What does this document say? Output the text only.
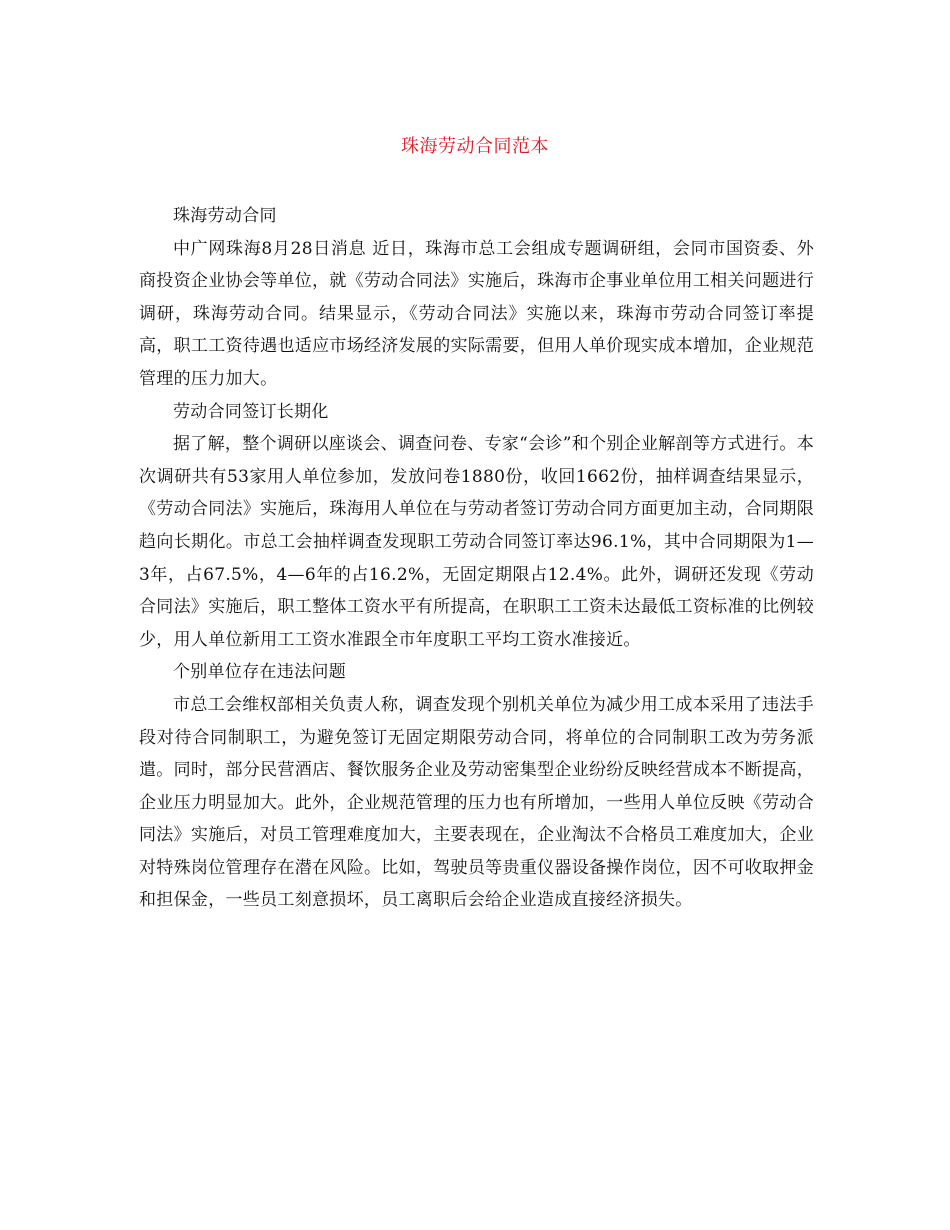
珠海劳动合同范本

珠海劳动合同

中广网珠海8月28日消息 近日，珠海市总工会组成专题调研组，会同市国资委、外商投资企业协会等单位，就《劳动合同法》实施后，珠海市企事业单位用工相关问题进行调研，珠海劳动合同。结果显示，《劳动合同法》实施以来，珠海市劳动合同签订率提高，职工工资待遇也适应市场经济发展的实际需要，但用人单价现实成本增加，企业规范管理的压力加大。

劳动合同签订长期化

据了解，整个调研以座谈会、调查问卷、专家“会诊”和个别企业解剖等方式进行。本次调研共有53家用人单位参加，发放问卷1880份，收回1662份，抽样调查结果显示，《劳动合同法》实施后，珠海用人单位在与劳动者签订劳动合同方面更加主动，合同期限趋向长期化。市总工会抽样调查发现职工劳动合同签订率达96.1%，其中合同期限为1—3年，占67.5%，4—6年的占16.2%，无固定期限占12.4%。此外，调研还发现《劳动合同法》实施后，职工整体工资水平有所提高，在职职工工资未达最低工资标准的比例较少，用人单位新用工工资水准跟全市年度职工平均工资水准接近。

个别单位存在违法问题

市总工会维权部相关负责人称，调查发现个别机关单位为减少用工成本采用了违法手段对待合同制职工，为避免签订无固定期限劳动合同，将单位的合同制职工改为劳务派遣。同时，部分民营酒店、餐饮服务企业及劳动密集型企业纷纷反映经营成本不断提高，企业压力明显加大。此外，企业规范管理的压力也有所增加，一些用人单位反映《劳动合同法》实施后，对员工管理难度加大，主要表现在，企业淘汰不合格员工难度加大，企业对特殊岗位管理存在潜在风险。比如，驾驶员等贵重仪器设备操作岗位，因不可收取押金和担保金，一些员工刻意损坏，员工离职后会给企业造成直接经济损失。
